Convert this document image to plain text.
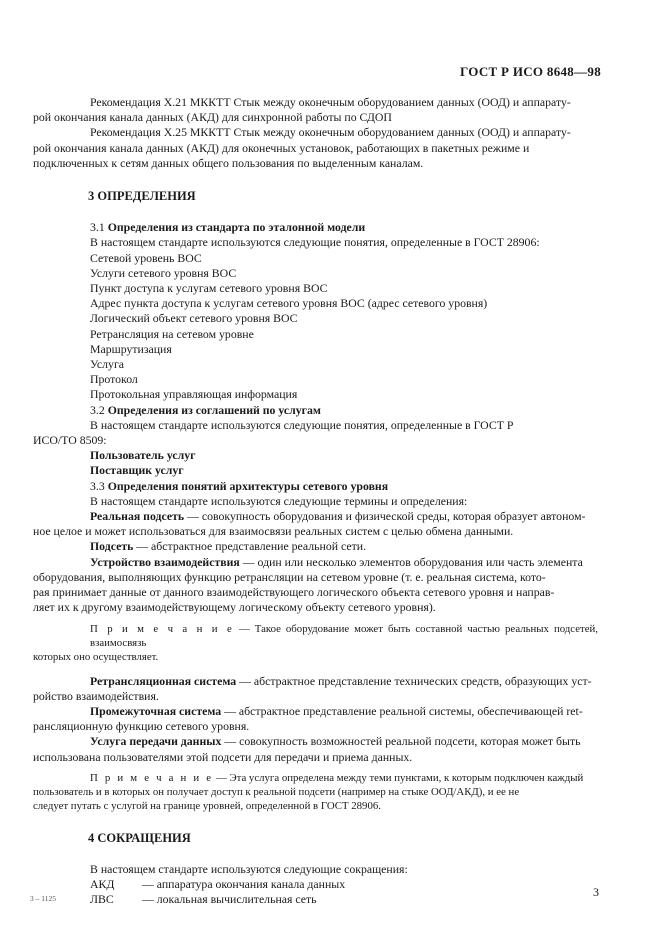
ГОСТ Р ИСО 8648—98

Рекомендация X.21 МККТТ Стык между оконечным оборудованием данных (ООД) и аппарату-

рой окончания канала данных (АКД) для синхронной работы по СДОП

Рекомендация X.25 МККТТ Стык между оконечным оборудованием данных (ООД) и аппарату-

рой окончания канала данных (АКД) для оконечных установок, работающих в пакетных режиме и

подключенных к сетям данных общего пользования по выделенным каналам.

3 ОПРЕДЕЛЕНИЯ

3.1 Определения из стандарта по эталонной модели

В настоящем стандарте используются следующие понятия, определенные в ГОСТ 28906:

Сетевой уровень ВОС

Услуги сетевого уровня ВОС

Пункт доступа к услугам сетевого уровня ВОС

Адрес пункта доступа к услугам сетевого уровня ВОС (адрес сетевого уровня)

Логический объект сетевого уровня ВОС

Ретрансляция на сетевом уровне

Маршрутизация

Услуга

Протокол

Протокольная управляющая информация

3.2 Определения из соглашений по услугам

В настоящем стандарте используются следующие понятия, определенные в ГОСТ Р

ИСО/ТО 8509:

Пользователь услуг

Поставщик услуг

3.3 Определения понятий архитектуры сетевого уровня

В настоящем стандарте используются следующие термины и определения:

Реальная подсеть — совокупность оборудования и физической среды, которая образует автоном-

ное целое и может использоваться для взаимосвязи реальных систем с целью обмена данными.

Подсеть — абстрактное представление реальной сети.

Устройство взаимодействия — один или несколько элементов оборудования или часть элемента

оборудования, выполняющих функцию ретрансляции на сетевом уровне (т. е. реальная система, кото-

рая принимает данные от данного взаимодействующего логического объекта сетевого уровня и направ-

ляет их к другому взаимодействующему логическому объекту сетевого уровня).

П р и м е ч а н и е — Такое оборудование может быть составной частью реальных подсетей, взаимосвязь
которых оно осуществляет.

Ретрансляционная система — абстрактное представление технических средств, образующих уст-

ройство взаимодействия.

Промежуточная система — абстрактное представление реальной системы, обеспечивающей ret-

рансляционную функцию сетевого уровня.

Услуга передачи данных — совокупность возможностей реальной подсети, которая может быть

использована пользователями этой подсети для передачи и приема данных.

П р и м е ч а н и е — Эта услуга определена между теми пунктами, к которым подключен каждый
пользователь и в которых он получает доступ к реальной подсети (например на стыке ООД/АКД), и ее не
следует путать с услугой на границе уровней, определенной в ГОСТ 28906.
4 СОКРАЩЕНИЯ

В настоящем стандарте используются следующие сокращения:

АКД	— аппаратура окончания канала данных
ЛВС	— локальная вычислительная сеть
3 – 1125	3
